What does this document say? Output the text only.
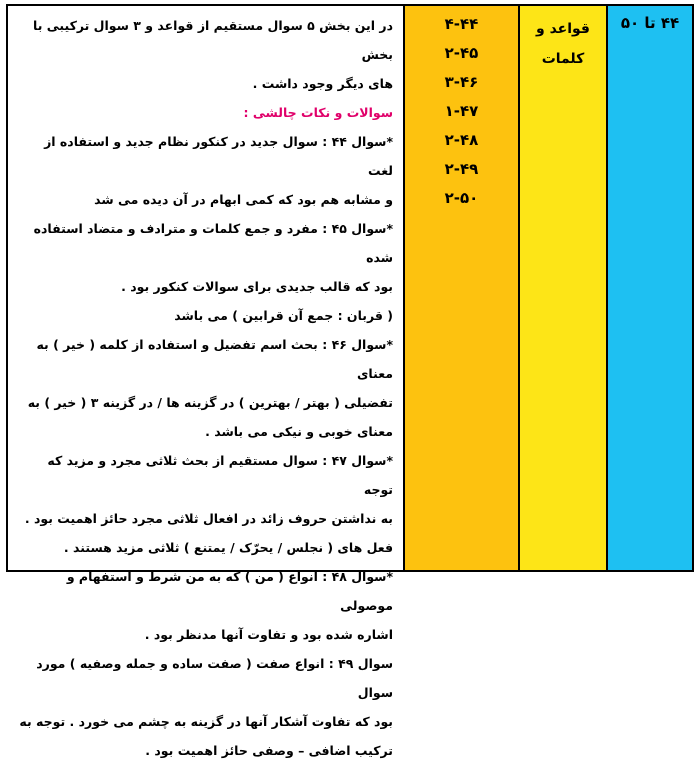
۴۴ تا ۵۰
قواعد و
کلمات
۴-۴۴
۲-۴۵
۳-۴۶
۱-۴۷
۲-۴۸
۲-۴۹
۲-۵۰

در این بخش ۵ سوال مستقیم از قواعد و ۳ سوال ترکیبی با بخش

های دیگر وجود داشت .

سوالات و نکات چالشی :

*سوال ۴۴ : سوال جدید در کنکور نظام جدید و استفاده از لغت

و مشابه هم بود که کمی ابهام در آن دیده می شد

*سوال ۴۵ : مفرد و جمع کلمات و مترادف و متضاد استفاده شده

بود که قالب جدیدی برای سوالات کنکور بود .

( قربان : جمع آن قرابین ) می باشد

*سوال ۴۶ : بحث اسم تفضیل و استفاده از کلمه ( خیر ) به معنای

تفضیلی ( بهتر / بهترین ) در گزینه ها / در گزینه ۳ ( خیر ) به

معنای خوبی و نیکی می باشد .

*سوال ۴۷ : سوال مستقیم از بحث ثلاثی مجرد و مزید که توجه

به نداشتن حروف زائد در افعال ثلاثی مجرد حائز اهمیت بود .

فعل های ( نجلس / یحرّک / یمتنع ) ثلاثی مزید هستند .

*سوال ۴۸ : انواع ( من ) که به من شرط و استفهام و موصولی

اشاره شده بود و تفاوت آنها مدنظر بود .

سوال ۴۹ : انواع صفت ( صفت ساده و جمله وصفیه ) مورد سوال

بود که تفاوت آشکار آنها در گزینه به چشم می خورد . توجه به

ترکیب اضافی – وصفی حائز اهمیت بود .
